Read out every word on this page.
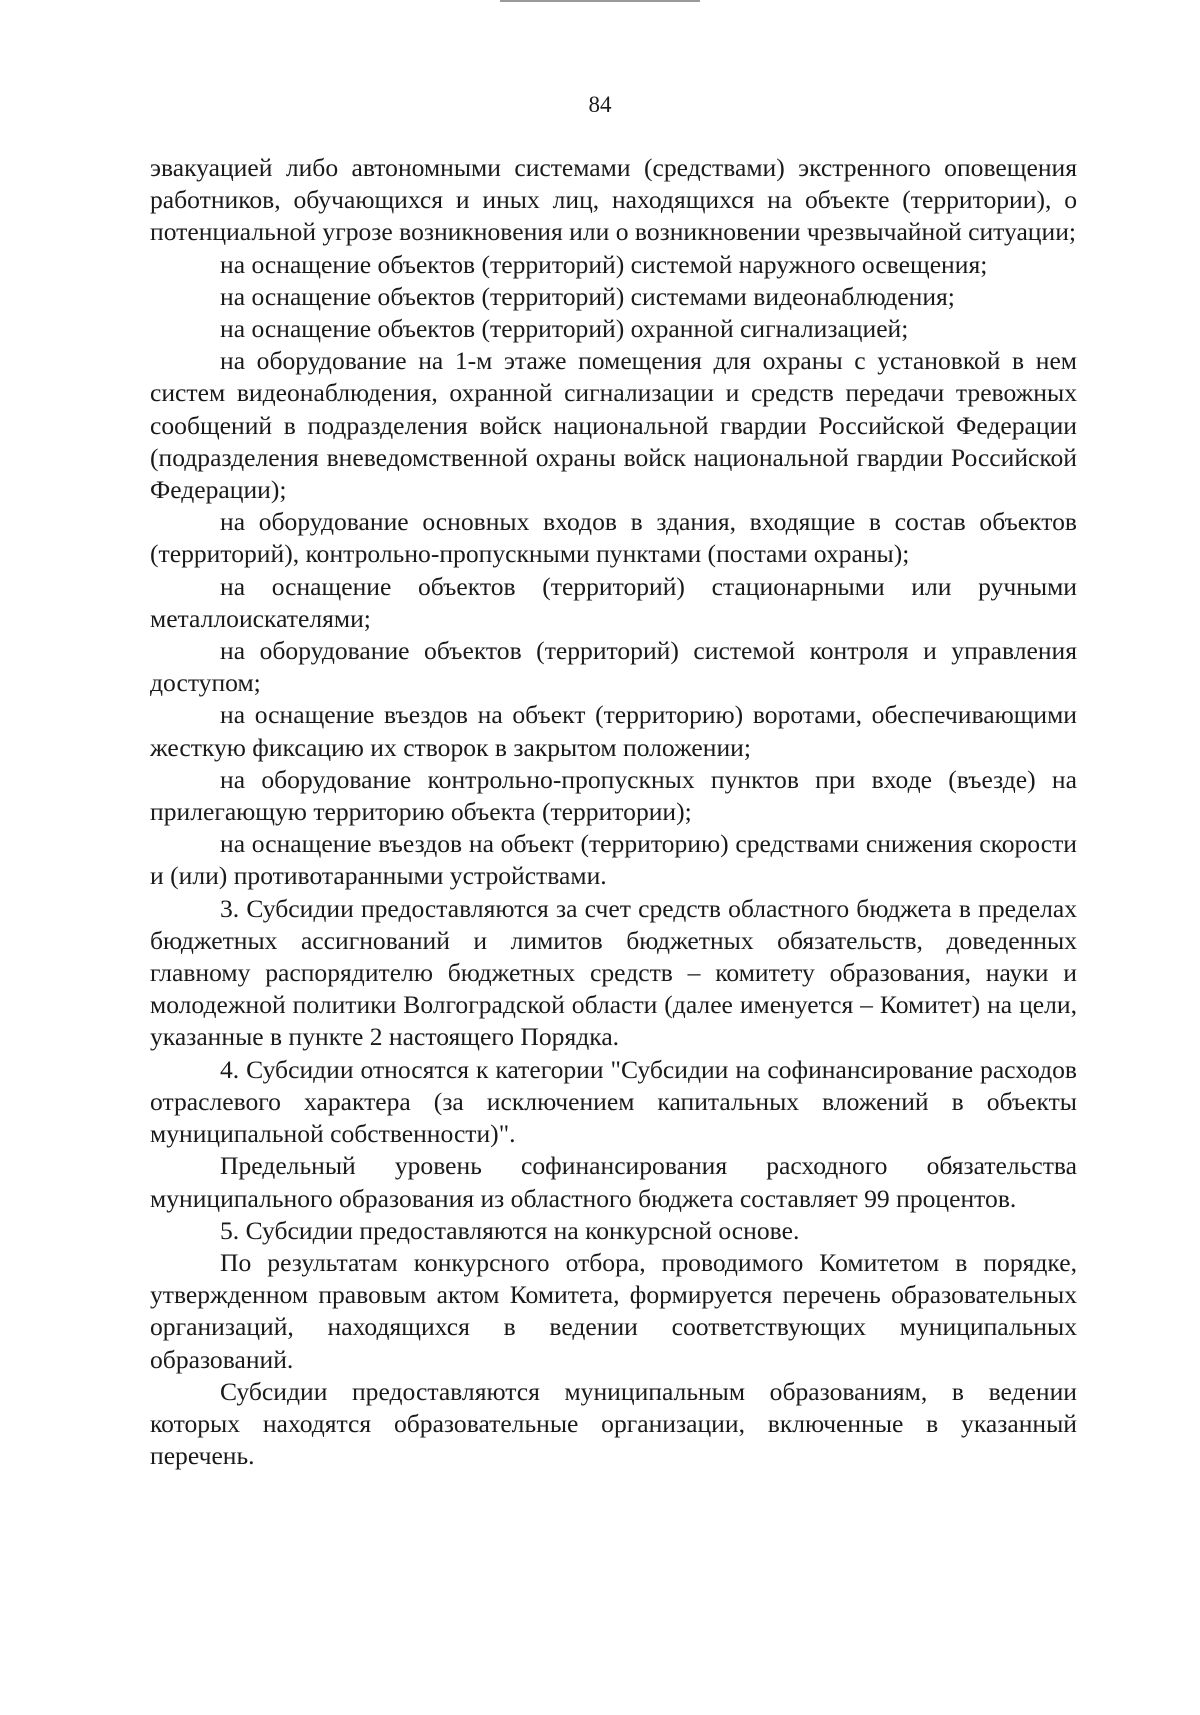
84

эвакуацией либо автономными системами (средствами) экстренного оповещения работников, обучающихся и иных лиц, находящихся на объекте (территории), о потенциальной угрозе возникновения или о возникновении чрезвычайной ситуации;

на оснащение объектов (территорий) системой наружного освещения;

на оснащение объектов (территорий) системами видеонаблюдения;

на оснащение объектов (территорий) охранной сигнализацией;

на оборудование на 1-м этаже помещения для охраны с установкой в нем систем видеонаблюдения, охранной сигнализации и средств передачи тревожных сообщений в подразделения войск национальной гвардии Российской Федерации (подразделения вневедомственной охраны войск национальной гвардии Российской Федерации);

на оборудование основных входов в здания, входящие в состав объектов (территорий), контрольно-пропускными пунктами (постами охраны);

на оснащение объектов (территорий) стационарными или ручными металлоискателями;

на оборудование объектов (территорий) системой контроля и управления доступом;

на оснащение въездов на объект (территорию) воротами, обеспечивающими жесткую фиксацию их створок в закрытом положении;

на оборудование контрольно-пропускных пунктов при входе (въезде) на прилегающую территорию объекта (территории);

на оснащение въездов на объект (территорию) средствами снижения скорости и (или) противотаранными устройствами.

3. Субсидии предоставляются за счет средств областного бюджета в пределах бюджетных ассигнований и лимитов бюджетных обязательств, доведенных главному распорядителю бюджетных средств – комитету образования, науки и молодежной политики Волгоградской области (далее именуется – Комитет) на цели, указанные в пункте 2 настоящего Порядка.

4. Субсидии относятся к категории "Субсидии на софинансирование расходов отраслевого характера (за исключением капитальных вложений в объекты муниципальной собственности)".

Предельный уровень софинансирования расходного обязательства муниципального образования из областного бюджета составляет 99 процентов.

5. Субсидии предоставляются на конкурсной основе.

По результатам конкурсного отбора, проводимого Комитетом в порядке, утвержденном правовым актом Комитета, формируется перечень образовательных организаций, находящихся в ведении соответствующих муниципальных образований.

Субсидии предоставляются муниципальным образованиям, в ведении которых находятся образовательные организации, включенные в указанный перечень.
